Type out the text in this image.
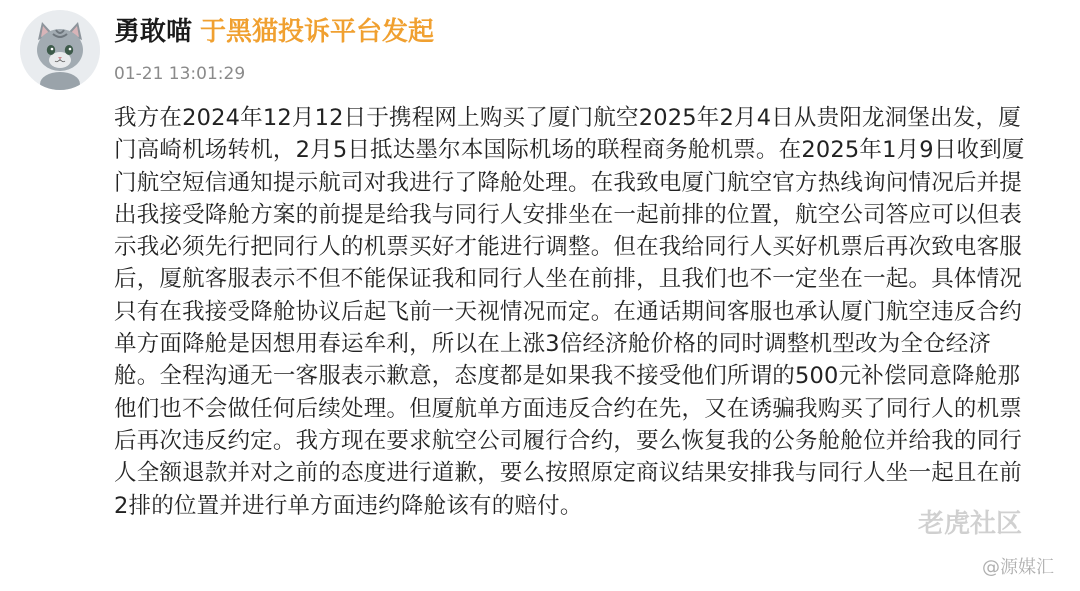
勇敢喵 于黑猫投诉平台发起
01-21 13:01:29
我方在2024年12月12日于携程网上购买了厦门航空2025年2月4日从贵阳龙洞堡出发，厦门高崎机场转机，2月5日抵达墨尔本国际机场的联程商务舱机票。在2025年1月9日收到厦门航空短信通知提示航司对我进行了降舱处理。在我致电厦门航空官方热线询问情况后并提出我接受降舱方案的前提是给我与同行人安排坐在一起前排的位置，航空公司答应可以但表示我必须先行把同行人的机票买好才能进行调整。但在我给同行人买好机票后再次致电客服后，厦航客服表示不但不能保证我和同行人坐在前排，且我们也不一定坐在一起。具体情况只有在我接受降舱协议后起飞前一天视情况而定。在通话期间客服也承认厦门航空违反合约单方面降舱是因想用春运牟利，所以在上涨3倍经济舱价格的同时调整机型改为全仓经济舱。全程沟通无一客服表示歉意，态度都是如果我不接受他们所谓的500元补偿同意降舱那他们也不会做任何后续处理。但厦航单方面违反合约在先，又在诱骗我购买了同行人的机票后再次违反约定。我方现在要求航空公司履行合约，要么恢复我的公务舱舱位并给我的同行人全额退款并对之前的态度进行道歉，要么按照原定商议结果安排我与同行人坐一起且在前2排的位置并进行单方面违约降舱该有的赔付。
老虎社区
@源媒汇
